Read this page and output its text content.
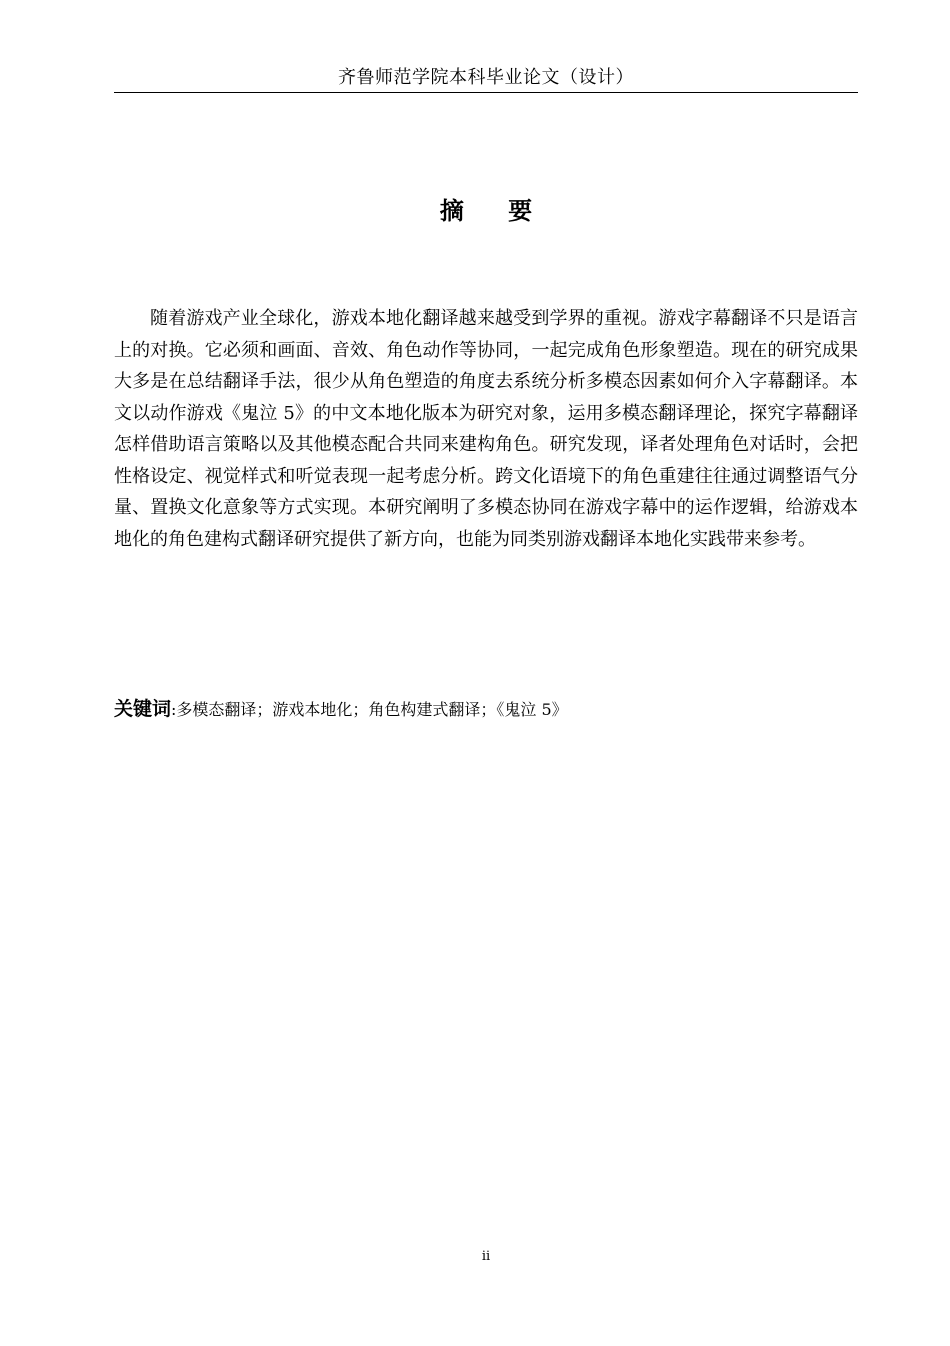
齐鲁师范学院本科毕业论文（设计）
摘 要

随着游戏产业全球化，游戏本地化翻译越来越受到学界的重视。游戏字幕翻译不只是语言上的对换。它必须和画面、音效、角色动作等协同，一起完成角色形象塑造。现在的研究成果大多是在总结翻译手法，很少从角色塑造的角度去系统分析多模态因素如何介入字幕翻译。本文以动作游戏《鬼泣 5》的中文本地化版本为研究对象，运用多模态翻译理论，探究字幕翻译怎样借助语言策略以及其他模态配合共同来建构角色。研究发现，译者处理角色对话时，会把性格设定、视觉样式和听觉表现一起考虑分析。跨文化语境下的角色重建往往通过调整语气分量、置换文化意象等方式实现。本研究阐明了多模态协同在游戏字幕中的运作逻辑，给游戏本地化的角色建构式翻译研究提供了新方向，也能为同类别游戏翻译本地化实践带来参考。

关键词:多模态翻译；游戏本地化；角色构建式翻译；《鬼泣 5》
ii
